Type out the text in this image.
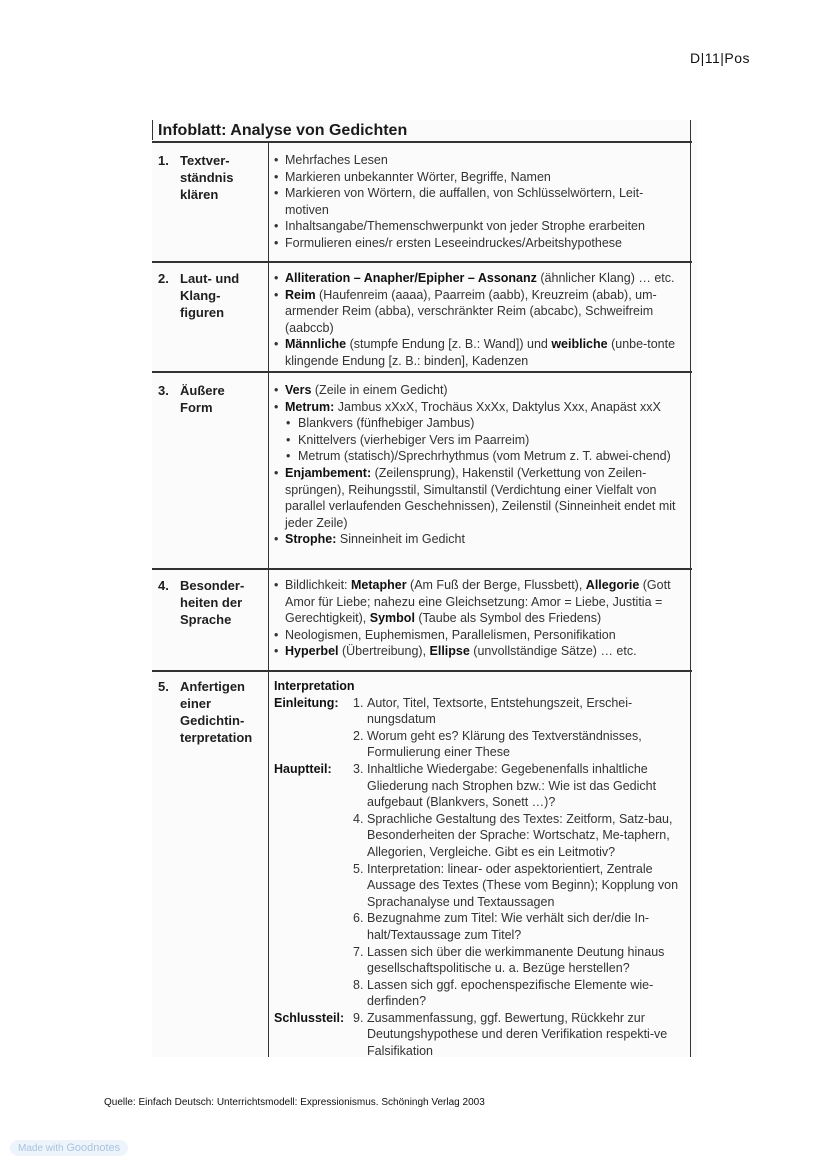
D|11|Pos
Infoblatt: Analyse von Gedichten
1. Textver-
ständnis
klären
• Mehrfaches Lesen
• Markieren unbekannter Wörter, Begriffe, Namen
• Markieren von Wörtern, die auffallen, von Schlüsselwörtern, Leit-motiven
• Inhaltsangabe/Themenschwerpunkt von jeder Strophe erarbeiten
• Formulieren eines/r ersten Leseeindruckes/Arbeitshypothese
2. Laut- und
Klang-
figuren
• Alliteration – Anapher/Epipher – Assonanz (ähnlicher Klang) … etc.
• Reim (Haufenreim (aaaa), Paarreim (aabb), Kreuzreim (abab), um-armender Reim (abba), verschränkter Reim (abcabc), Schweifreim (aabccb)
• Männliche (stumpfe Endung [z. B.: Wand]) und weibliche (unbe-tonte klingende Endung [z. B.: binden], Kadenzen
3. Äußere
Form
• Vers (Zeile in einem Gedicht)
• Metrum: Jambus xXxX, Trochäus XxXx, Daktylus Xxx, Anapäst xxX
• Blankvers (fünfhebiger Jambus)
• Knittelvers (vierhebiger Vers im Paarreim)
• Metrum (statisch)/Sprechrhythmus (vom Metrum z. T. abwei-chend)
• Enjambement: (Zeilensprung), Hakenstil (Verkettung von Zeilen-sprüngen), Reihungsstil, Simultanstil (Verdichtung einer Vielfalt von parallel verlaufenden Geschehnissen), Zeilenstil (Sinneinheit endet mit jeder Zeile)
• Strophe: Sinneinheit im Gedicht
4. Besonder-
heiten der
Sprache
• Bildlichkeit: Metapher (Am Fuß der Berge, Flussbett), Allegorie (Gott Amor für Liebe; nahezu eine Gleichsetzung: Amor = Liebe, Justitia = Gerechtigkeit), Symbol (Taube als Symbol des Friedens)
• Neologismen, Euphemismen, Parallelismen, Personifikation
• Hyperbel (Übertreibung), Ellipse (unvollständige Sätze) … etc.
5. Anfertigen
einer
Gedichtin-
terpretation
Interpretation
Einleitung: 1. Autor, Titel, Textsorte, Entstehungszeit, Erschei-nungsdatum
2. Worum geht es? Klärung des Textverständnisses, Formulierung einer These
Hauptteil: 3. Inhaltliche Wiedergabe: Gegebenenfalls inhaltliche Gliederung nach Strophen bzw.: Wie ist das Gedicht aufgebaut (Blankvers, Sonett …)?
4. Sprachliche Gestaltung des Textes: Zeitform, Satz-bau, Besonderheiten der Sprache: Wortschatz, Me-taphern, Allegorien, Vergleiche. Gibt es ein Leitmotiv?
5. Interpretation: linear- oder aspektorientiert, Zentrale Aussage des Textes (These vom Beginn); Kopplung von Sprachanalyse und Textaussagen
6. Bezugnahme zum Titel: Wie verhält sich der/die In-halt/Textaussage zum Titel?
7. Lassen sich über die werkimmanente Deutung hinaus gesellschaftspolitische u. a. Bezüge herstellen?
8. Lassen sich ggf. epochenspezifische Elemente wie-derfinden?
Schlussteil: 9. Zusammenfassung, ggf. Bewertung, Rückkehr zur Deutungshypothese und deren Verifikation respekti-ve Falsifikation
Quelle: Einfach Deutsch: Unterrichtsmodell: Expressionismus. Schöningh Verlag 2003
Made with Goodnotes
